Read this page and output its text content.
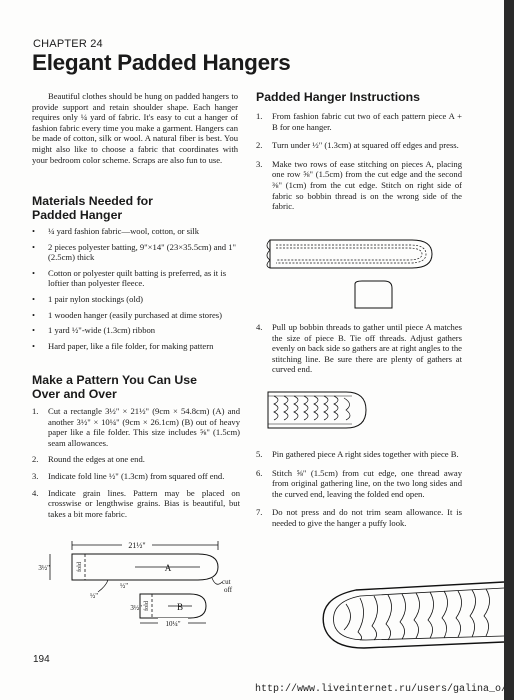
CHAPTER 24
Elegant Padded Hangers
Beautiful clothes should be hung on padded hangers to provide support and retain shoulder shape. Each hanger requires only ¼ yard of fabric. It's easy to cut a hanger of fashion fabric every time you make a garment. Hangers can be made of cotton, silk or wool. A natural fiber is best. You might also like to choose a fabric that coordinates with your bedroom color scheme. Scraps are also fun to use.
Materials Needed for
Padded Hanger
• ¼ yard fashion fabric—wool, cotton, or silk
• 2 pieces polyester batting, 9"×14" (23×35.5cm) and 1" (2.5cm) thick
• Cotton or polyester quilt batting is preferred, as it is loftier than polyester fleece.
• 1 pair nylon stockings (old)
• 1 wooden hanger (easily purchased at dime stores)
• 1 yard ½"-wide (1.3cm) ribbon
• Hard paper, like a file folder, for making pattern
Make a Pattern You Can Use
Over and Over
1. Cut a rectangle 3½" × 21½" (9cm × 54.8cm) (A) and another 3½" × 10¼" (9cm × 26.1cm) (B) out of heavy paper like a file folder. This size includes ⅝" (1.5cm) seam allowances.
2. Round the edges at one end.
3. Indicate fold line ½" (1.3cm) from squared off end.
4. Indicate grain lines. Pattern may be placed on crosswise or lengthwise grains. Bias is beautiful, but takes a bit more fabric.
21½"
3½"	fold	A
½"
cut
off
3½" fold	B
½"
10¼"
Padded Hanger Instructions
1. From fashion fabric cut two of each pattern piece A + B for one hanger.
2. Turn under ½" (1.3cm) at squared off edges and press.
3. Make two rows of ease stitching on pieces A, placing one row ⅝" (1.5cm) from the cut edge and the second ⅜" (1cm) from the cut edge. Stitch on right side of fabric so bobbin thread is on the wrong side of the fabric.
4. Pull up bobbin threads to gather until piece A matches the size of piece B. Tie off threads. Adjust gathers evenly on back side so gathers are at right angles to the stitching line. Be sure there are plenty of gathers at curved end.
5. Pin gathered piece A right sides together with piece B.
6. Stitch ⅝" (1.5cm) from cut edge, one thread away from original gathering line, on the two long sides and the curved end, leaving the folded end open.
7. Do not press and do not trim seam allowance. It is needed to give the hanger a puffy look.
194
http://www.liveinternet.ru/users/galina_o/
